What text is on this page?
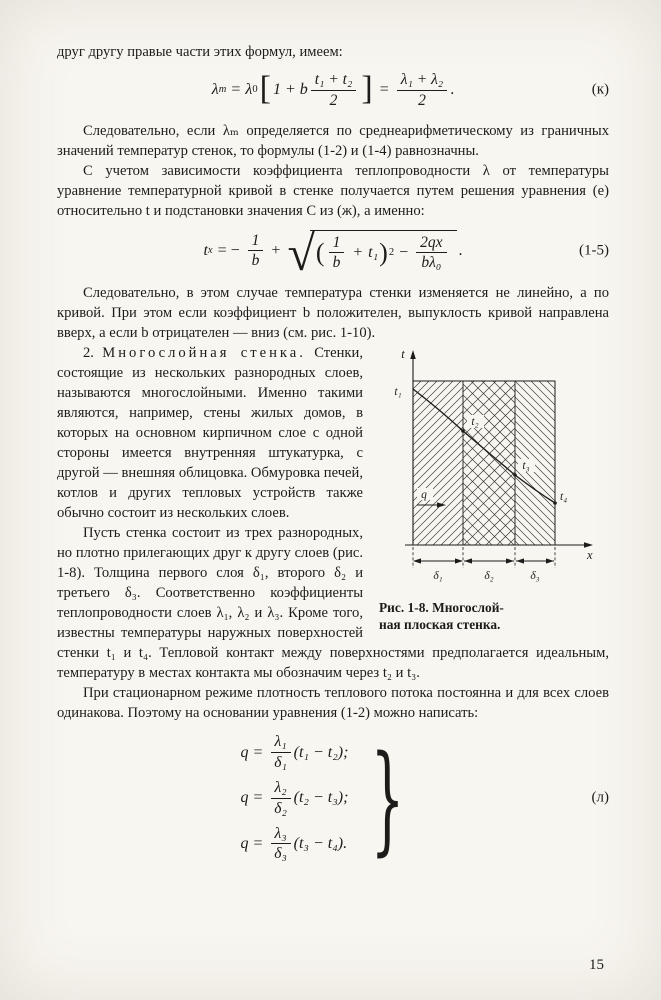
друг другу правые части этих формул, имеем:

λ m = λ 0 [ 1 + b $\frac{\text{t₁ + t₂}}{2}$ ] = $\frac{\text{λ₁ + λ₂}}{2}$ .	(к)

Следовательно, если λₘ определяется по среднеарифметическому из граничных значений температур стенок, то формулы (1-2) и (1-4) равнозначны.

С учетом зависимости коэффициента теплопроводности λ от температуры уравнение температурной кривой в стенке получается путем решения уравнения (е) относительно t и подстановки значения С из (ж), а именно:

t x = − $\frac{1}{b}$ + √ ( $\frac{1}{b} + t_1$ ) $2 - \frac{2qx}{\text{bλ₀}}$ .	(1-5)

Следовательно, в этом случае температура стенки изменяется не линейно, а по кривой. При этом если коэффициент b положителен, выпуклость кривой направлена вверх, а если b отрицателен — вниз (см. рис. 1-10).

t
x
t₁
t₂
t₃
t₄
q
δ₁	δ₂	δ₃
Рис. 1-8. Многослой-
ная плоская стенка.

2. Многослойная стенка. Стенки, состоящие из нескольких разнородных слоев, называются многослойными. Именно такими являются, например, стены жилых домов, в которых на основном кирпичном слое с одной стороны имеется внутренняя штукатурка, с другой — внешняя облицовка. Обмуровка печей, котлов и других тепловых устройств также обычно состоит из нескольких слоев.

Пусть стенка состоит из трех разнородных, но плотно прилегающих друг к другу слоев (рис. 1-8). Толщина первого слоя δ₁, второго δ₂ и третьего δ₃. Соответственно коэффициенты теплопроводности слоев λ₁, λ₂ и λ₃. Кроме того, известны температуры наружных поверхностей стенки t₁ и t₄. Тепловой контакт между поверхностями предполагается идеальным, температуру в местах контакта мы обозначим через t₂ и t₃.

При стационарном режиме плотность теплового потока постоянна и для всех слоев одинакова. Поэтому на основании уравнения (1-2) можно написать:

$q = \frac{\text{λ₁}}{\text{δ₁}} (t_1 - t_2)$;
$q = \frac{\text{λ₂}}{\text{δ₂}} (t_2 - t_3)$;
$q = \frac{\text{λ₃}}{\text{δ₃}} (t_3 - t_4)$. }	(л)
15
